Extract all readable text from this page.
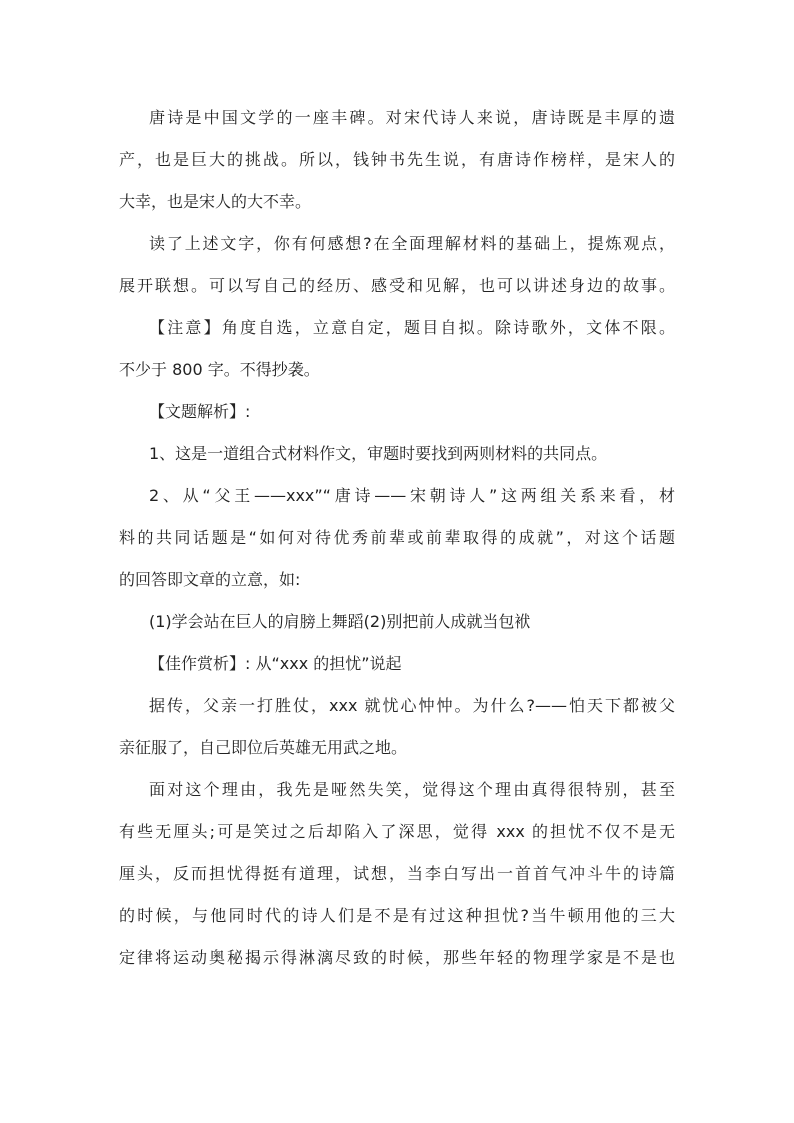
唐诗是中国文学的一座丰碑。对宋代诗人来说，唐诗既是丰厚的遗
产，也是巨大的挑战。所以，钱钟书先生说，有唐诗作榜样，是宋人的
大幸，也是宋人的大不幸。

读了上述文字，你有何感想?在全面理解材料的基础上，提炼观点，
展开联想。可以写自己的经历、感受和见解，也可以讲述身边的故事。

【注意】角度自选，立意自定，题目自拟。除诗歌外，文体不限。
不少于 800 字。不得抄袭。

【文题解析】:

1、这是一道组合式材料作文，审题时要找到两则材料的共同点。

2、从“父王——xxx”“唐诗——宋朝诗人”这两组关系来看，材
料的共同话题是“如何对待优秀前辈或前辈取得的成就”，对这个话题
的回答即文章的立意，如:

(1)学会站在巨人的肩膀上舞蹈(2)别把前人成就当包袱

【佳作赏析】: 从“xxx 的担忧”说起

据传，父亲一打胜仗，xxx 就忧心忡忡。为什么?——怕天下都被父
亲征服了，自己即位后英雄无用武之地。

面对这个理由，我先是哑然失笑，觉得这个理由真得很特别，甚至
有些无厘头;可是笑过之后却陷入了深思，觉得 xxx 的担忧不仅不是无
厘头，反而担忧得挺有道理，试想，当李白写出一首首气冲斗牛的诗篇
的时候，与他同时代的诗人们是不是有过这种担忧?当牛顿用他的三大
定律将运动奥秘揭示得淋漓尽致的时候，那些年轻的物理学家是不是也
